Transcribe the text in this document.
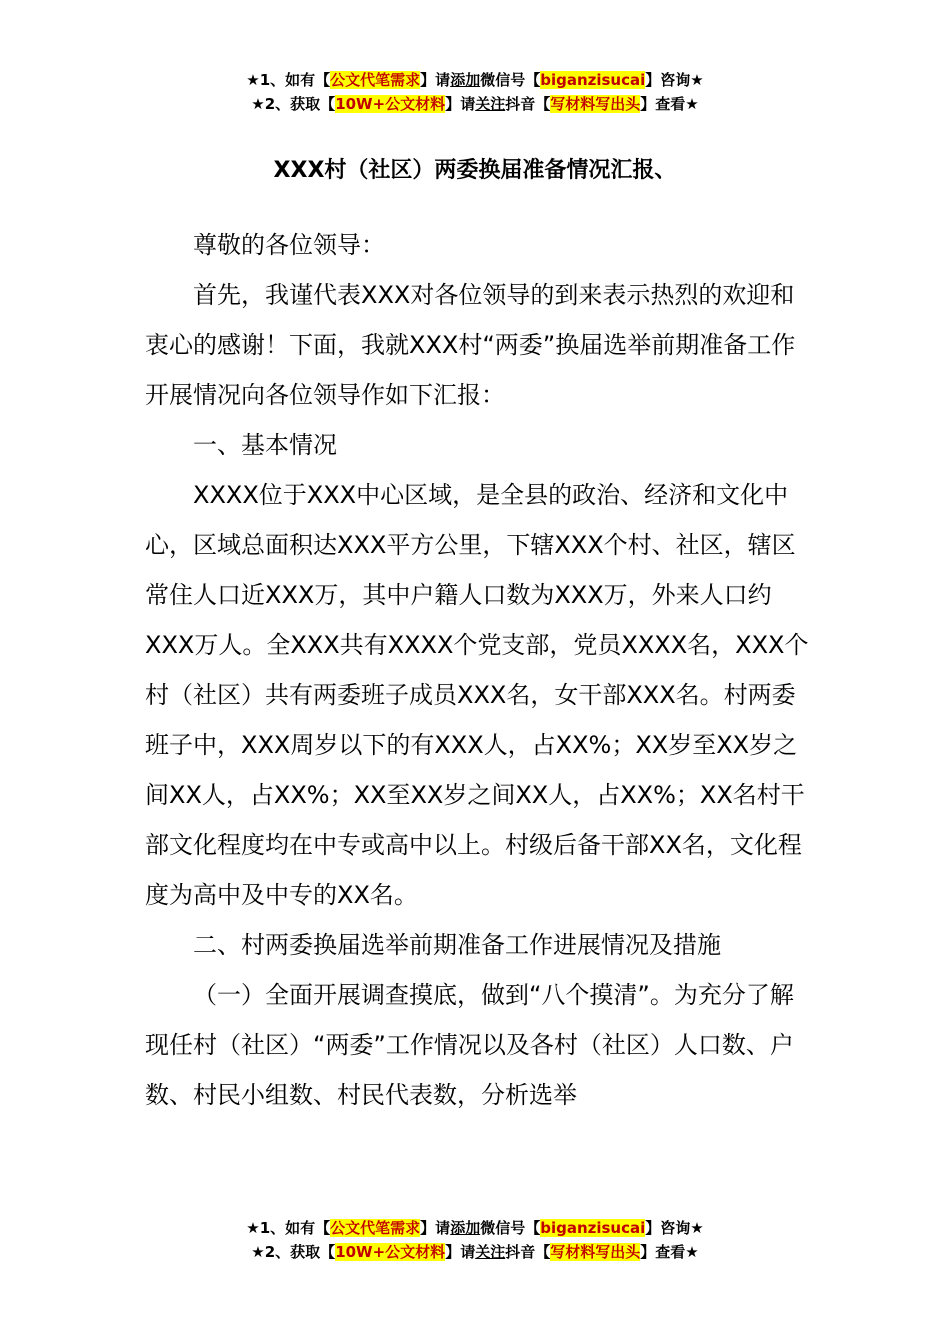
★1、如有【公文代笔需求】请添加微信号【biganzisucai】咨询★
★2、获取【10W+公文材料】请关注抖音【写材料写出头】查看★
XXX村（社区）两委换届准备情况汇报、

尊敬的各位领导：

首先，我谨代表XXX对各位领导的到来表示热烈的欢迎和衷心的感谢！下面，我就XXX村“两委”换届选举前期准备工作开展情况向各位领导作如下汇报：

一、基本情况

XXXX位于XXX中心区域，是全县的政治、经济和文化中心，区域总面积达XXX平方公里，下辖XXX个村、社区，辖区常住人口近XXX万，其中户籍人口数为XXX万，外来人口约XXX万人。全XXX共有XXXX个党支部，党员XXXX名，XXX个村（社区）共有两委班子成员XXX名，女干部XXX名。村两委班子中，XXX周岁以下的有XXX人，占XX%；XX岁至XX岁之间XX人，占XX%；XX至XX岁之间XX人，占XX%；XX名村干部文化程度均在中专或高中以上。村级后备干部XX名，文化程度为高中及中专的XX名。

二、村两委换届选举前期准备工作进展情况及措施

（一）全面开展调查摸底，做到“八个摸清”。为充分了解现任村（社区）“两委”工作情况以及各村（社区）人口数、户数、村民小组数、村民代表数，分析选举

★1、如有【公文代笔需求】请添加微信号【biganzisucai】咨询★
★2、获取【10W+公文材料】请关注抖音【写材料写出头】查看★
